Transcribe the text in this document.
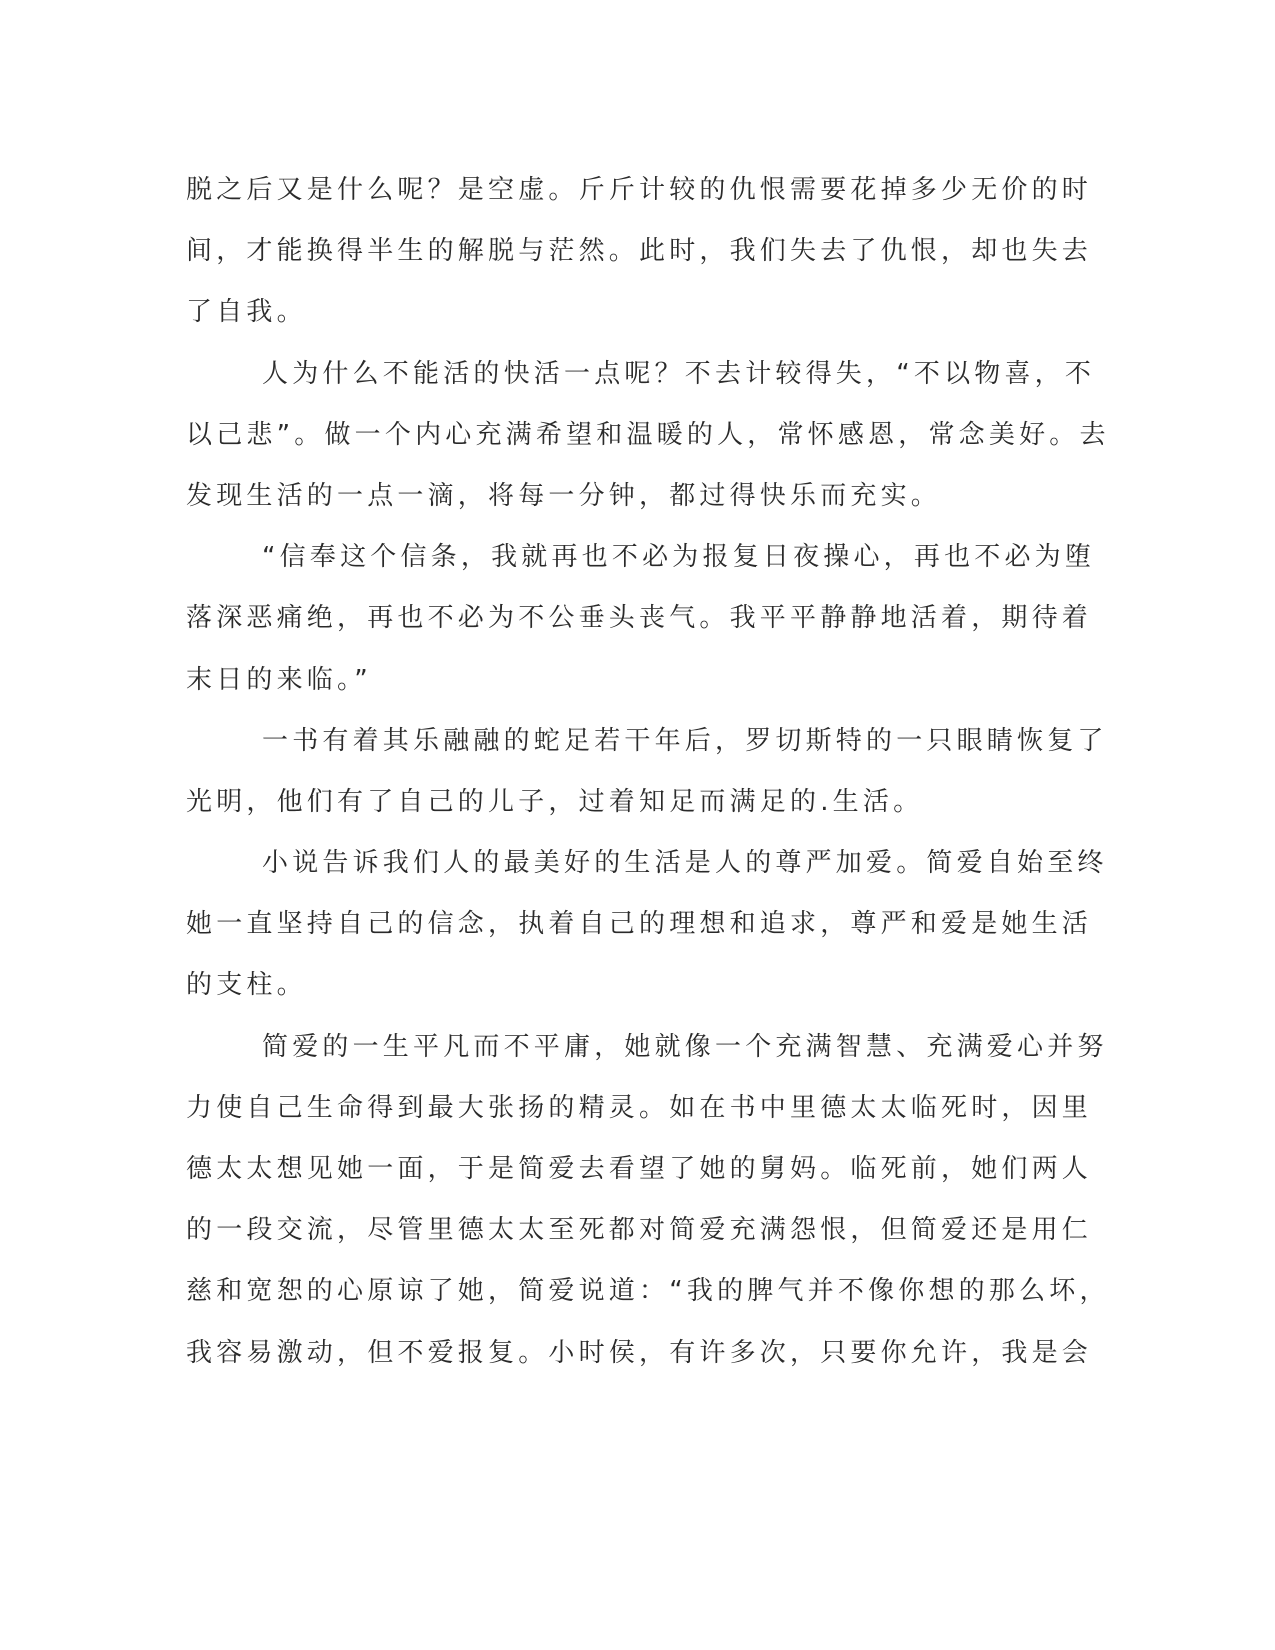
脱之后又是什么呢？是空虚。斤斤计较的仇恨需要花掉多少无价的时
间，才能换得半生的解脱与茫然。此时，我们失去了仇恨，却也失去
了自我。
人为什么不能活的快活一点呢？不去计较得失，“不以物喜，不
以己悲”。做一个内心充满希望和温暖的人，常怀感恩，常念美好。去
发现生活的一点一滴，将每一分钟，都过得快乐而充实。
“信奉这个信条，我就再也不必为报复日夜操心，再也不必为堕
落深恶痛绝，再也不必为不公垂头丧气。我平平静静地活着，期待着
末日的来临。”
一书有着其乐融融的蛇足若干年后，罗切斯特的一只眼睛恢复了
光明，他们有了自己的儿子，过着知足而满足的.生活。
小说告诉我们人的最美好的生活是人的尊严加爱。简爱自始至终
她一直坚持自己的信念，执着自己的理想和追求，尊严和爱是她生活
的支柱。
简爱的一生平凡而不平庸，她就像一个充满智慧、充满爱心并努
力使自己生命得到最大张扬的精灵。如在书中里德太太临死时，因里
德太太想见她一面，于是简爱去看望了她的舅妈。临死前，她们两人
的一段交流，尽管里德太太至死都对简爱充满怨恨，但简爱还是用仁
慈和宽恕的心原谅了她，简爱说道：“我的脾气并不像你想的那么坏，
我容易激动，但不爱报复。小时侯，有许多次，只要你允许，我是会
